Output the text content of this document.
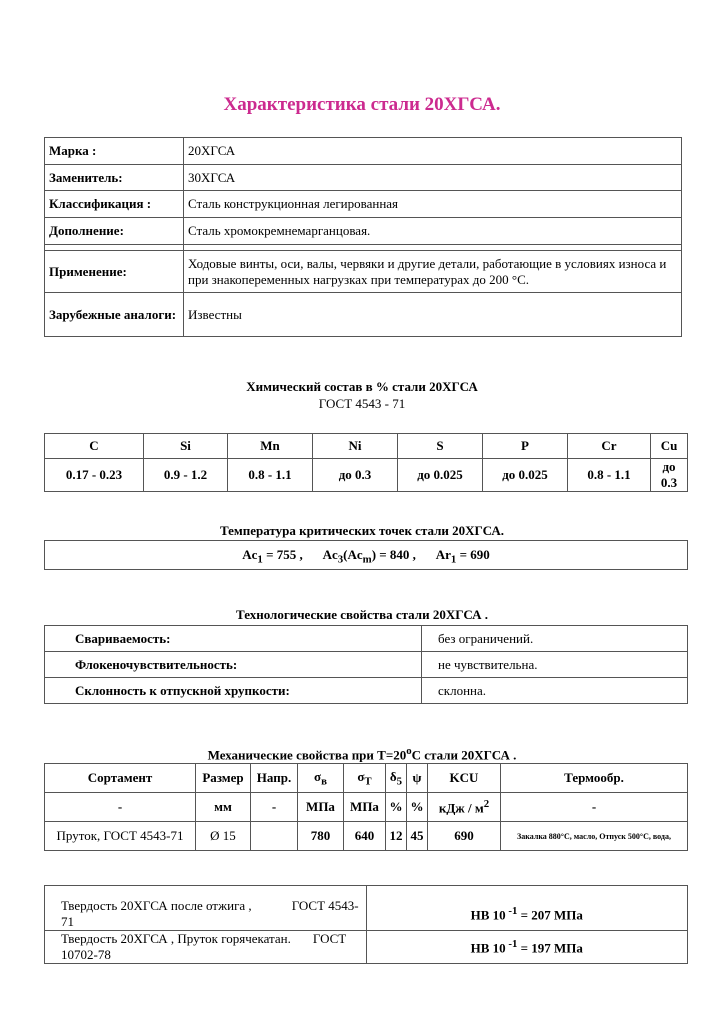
Характеристика стали 20ХГСА.
Марка :	20ХГСА
Заменитель:	30ХГСА
Классификация :	Сталь конструкционная легированная
Дополнение:	Сталь хромокремнемарганцовая.

Применение:	Ходовые винты, оси, валы, червяки и другие детали, работающие в условиях износа и при знакопеременных нагрузках при температурах до 200 °C.
Зарубежные аналоги:	Известны
Химический состав в % стали 20ХГСА
ГОСТ 4543 - 71
C	Si	Mn	Ni	S	P	Cr	Cu
0.17 - 0.23	0.9 - 1.2	0.8 - 1.1	до 0.3	до 0.025	до 0.025	0.8 - 1.1	до 0.3
Температура критических точек стали 20ХГСА.
$Ac_1 = 755$ , $Ac_3(Ac_m) = 840$ , $Ar_1 = 690$
Технологические свойства стали 20ХГСА .
Свариваемость:	без ограничений.
Флокеночувствительность:	не чувствительна.
Склонность к отпускной хрупкости:	склонна.
Механические свойства при $Т=20^oC$ стали 20ХГСА .
Сортамент	Размер	Напр.	$\sigma_в$	$\sigma_T$	$\delta_5$	ψ	KCU	Термообр.
-	мм	-	МПа	МПа	%	%	кДж / $м^2$	-
Пруток, ГОСТ 4543-71	Ø 15		780	640	12	45	690	Закалка 880°C, масло, Отпуск 500°C, вода,

Твердость 20ХГСА после отжига , ГОСТ 4543-71	HB 10 $^{-1}$ = 207 МПа
Твердость 20ХГСА , Пруток горячекатан. ГОСТ 10702-78	HB 10 $^{-1}$ = 197 МПа
